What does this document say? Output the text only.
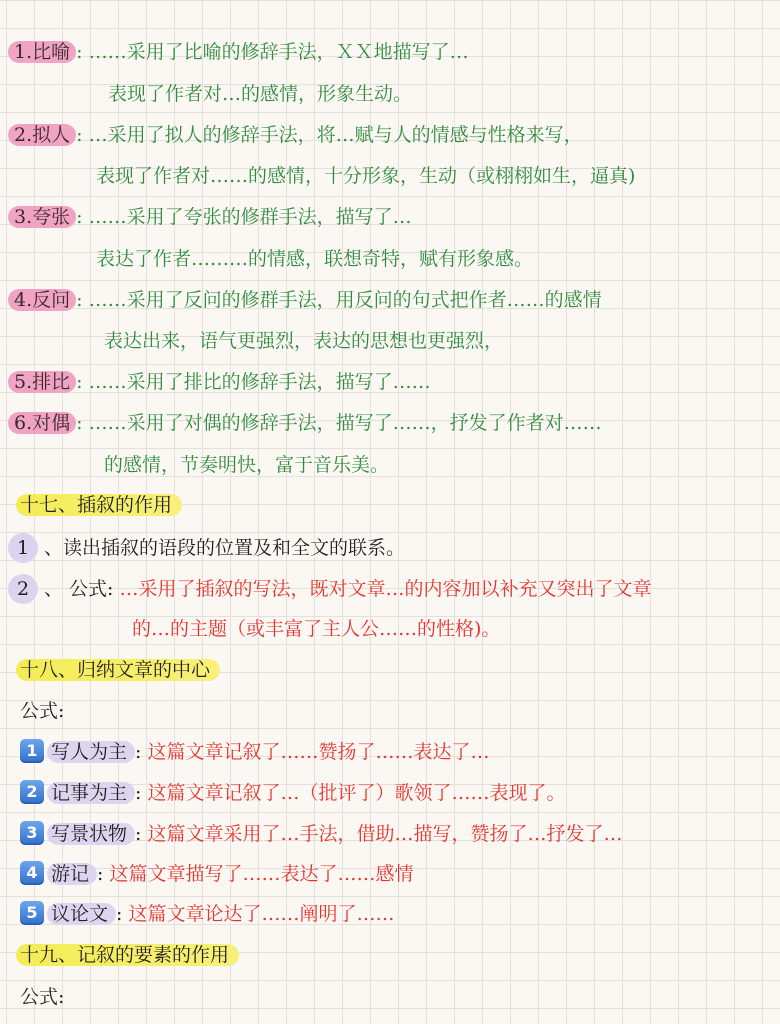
1.比喻 : ……采用了比喻的修辞手法，ＸＸ地描写了…
表现了作者对…的感情，形象生动。
2.拟人 : …采用了拟人的修辞手法，将…赋与人的情感与性格来写，
表现了作者对……的感情，十分形象，生动（或栩栩如生，逼真)
3.夸张 : ……采用了夸张的修群手法，描写了…
表达了作者………的情感，联想奇特，赋有形象感。
4.反问 : ……采用了反问的修群手法，用反问的句式把作者……的感情
表达出来，语气更强烈，表达的思想也更强烈，
5.排比 : ……采用了排比的修辞手法，描写了……
6.对偶 : ……采用了对偶的修辞手法，描写了……，抒发了作者对……
的感情，节奏明快，富于音乐美。
十七、插叙的作用
1 、读出插叙的语段的位置及和全文的联系。
2 、 公式: …采用了插叙的写法，既对文章…的内容加以补充又突出了文章
的…的主题（或丰富了主人公……的性格)。
十八、归纳文章的中心
公式:
1 写人为主 : 这篇文章记叙了……赞扬了……表达了…
2 记事为主 : 这篇文章记叙了…（批评了）歌领了……表现了。
3 写景状物 : 这篇文章采用了…手法，借助…描写，赞扬了…抒发了…
4 游记 : 这篇文章描写了……表达了……感情
5 议论文 : 这篇文章论达了……阐明了……
十九、记叙的要素的作用
公式:
